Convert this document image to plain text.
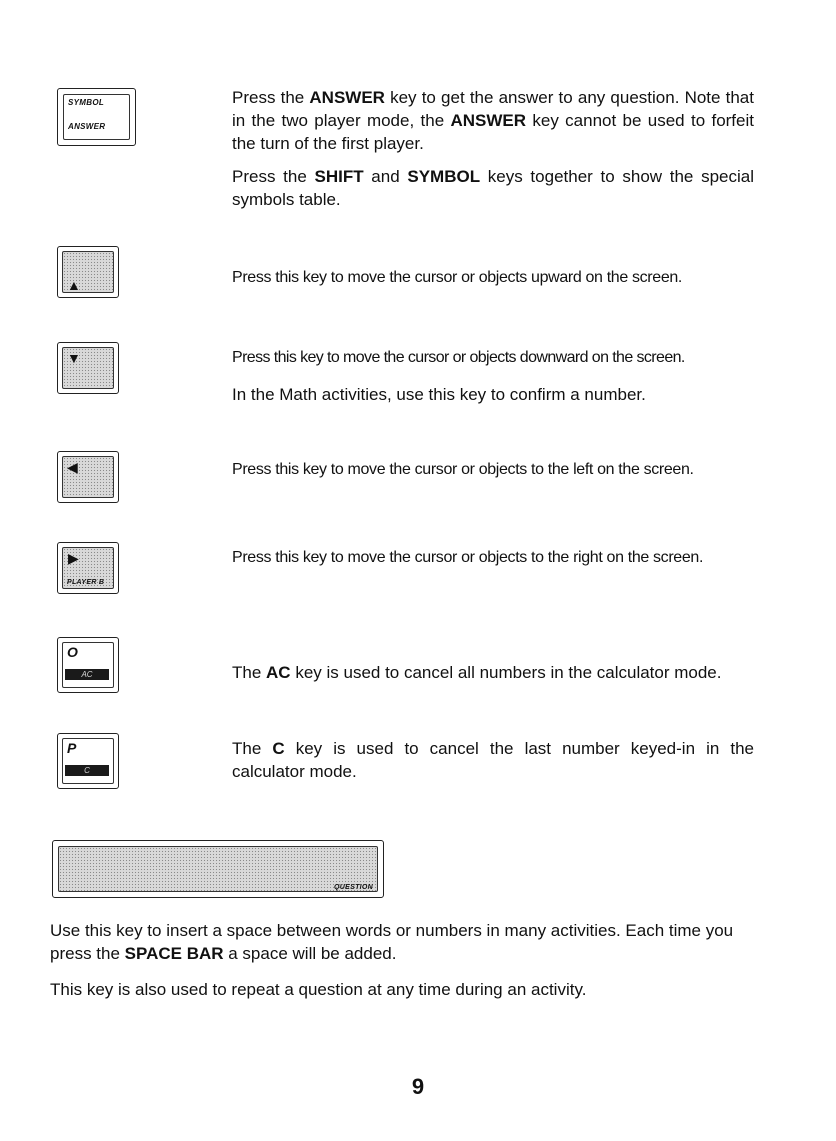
SYMBOL
ANSWER

Press the ANSWER key to get the answer to any question. Note that in the two player mode, the ANSWER key cannot be used to forfeit the turn of the first player.

Press the SHIFT and SYMBOL keys together to show the special symbols table.

▲	Press this key to move the cursor or objects upward on the screen.
▼	Press this key to move the cursor or objects downward on the screen.
In the Math activities, use this key to confirm a number.
◀	Press this key to move the cursor or objects to the left on the screen.
▶
PLAYER B
Press this key to move the cursor or objects to the right on the screen.
O
AC	The AC key is used to cancel all numbers in the calculator mode.
P
C
The C key is used to cancel the last number keyed-in in the calculator mode.
QUESTION

Use this key to insert a space between words or numbers in many activities. Each time you press the SPACE BAR a space will be added.

This key is also used to repeat a question at any time during an activity.

9
